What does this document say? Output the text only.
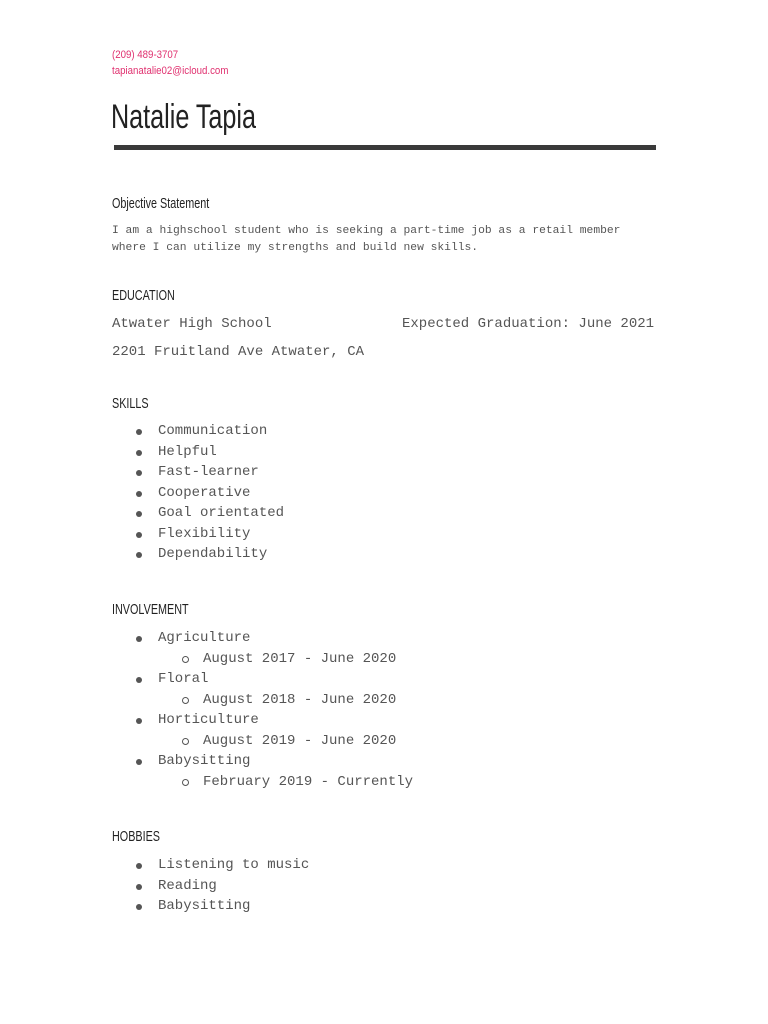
(209) 489-3707
tapianatalie02@icloud.com
Natalie Tapia
Objective Statement
I am a highschool student who is seeking a part-time job as a retail member
where I can utilize my strengths and build new skills.
EDUCATION
Atwater High School	Expected Graduation: June 2021
2201 Fruitland Ave Atwater, CA
SKILLS
Communication
Helpful
Fast-learner
Cooperative
Goal orientated
Flexibility
Dependability
INVOLVEMENT
Agriculture
August 2017 - June 2020
Floral
August 2018 - June 2020
Horticulture
August 2019 - June 2020
Babysitting
February 2019 - Currently
HOBBIES
Listening to music
Reading
Babysitting
